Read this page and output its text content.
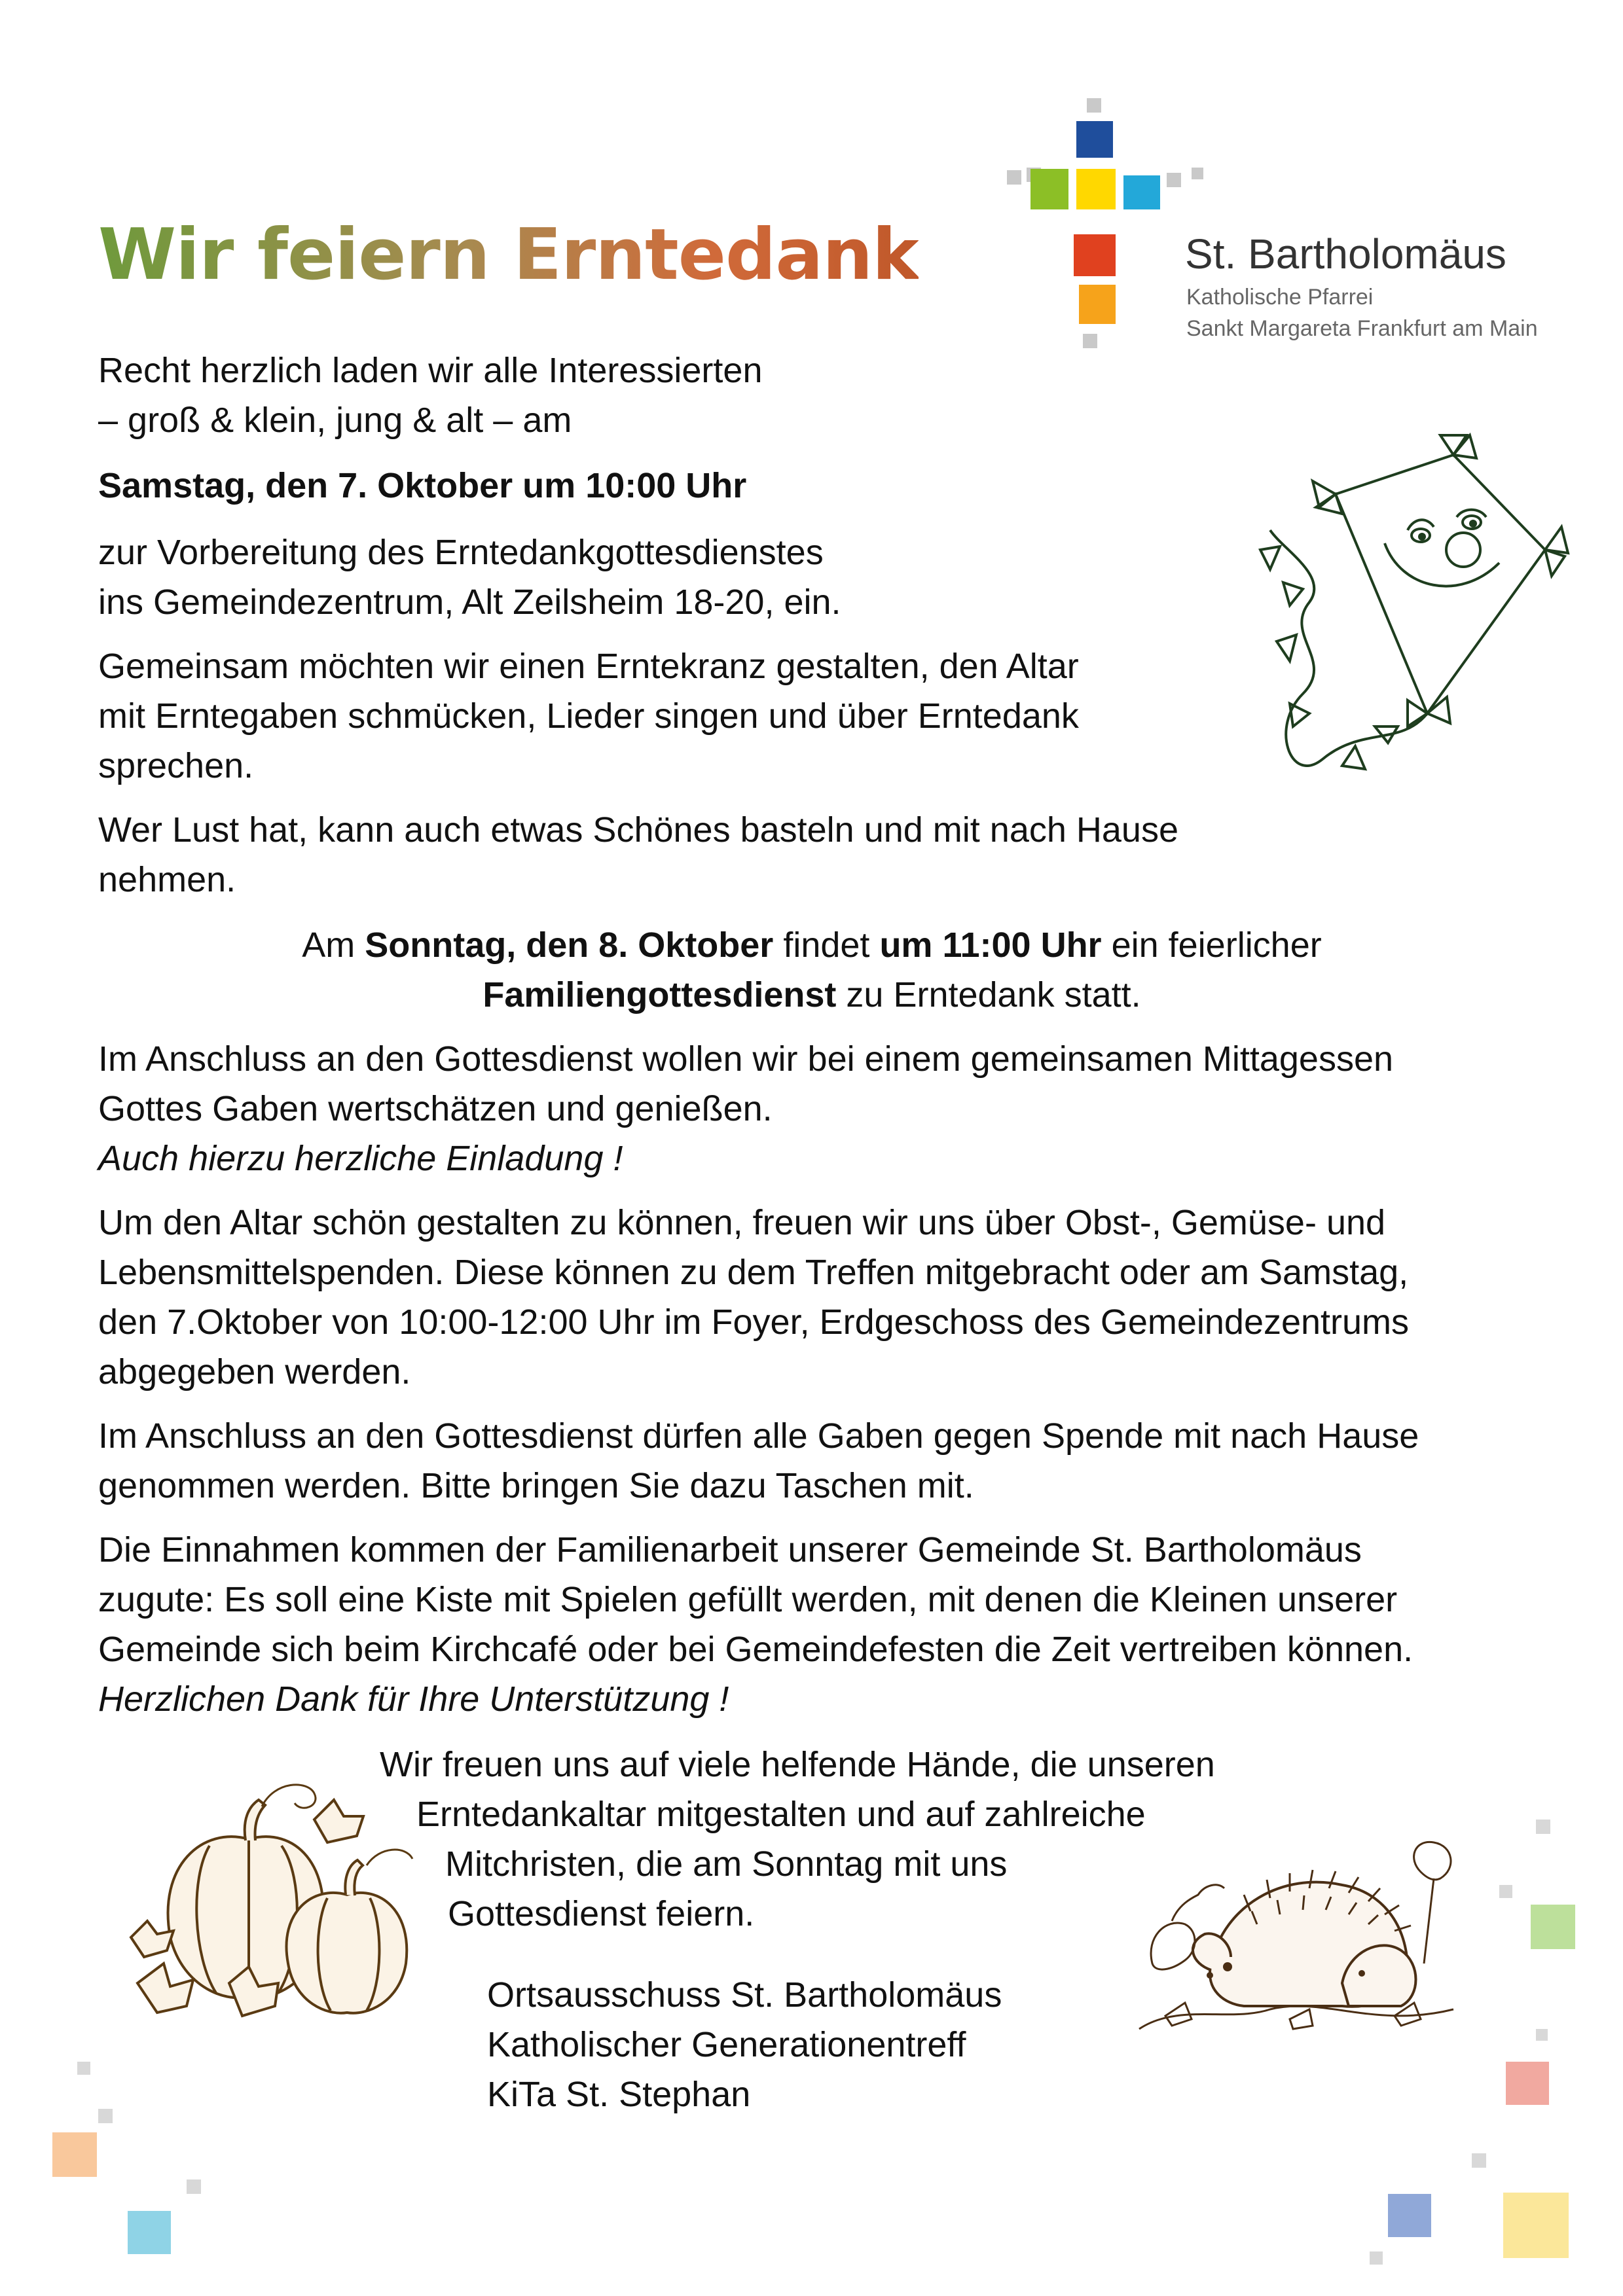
St. Bartholomäus
Katholische Pfarrei
Sankt Margareta Frankfurt am Main
Wir feiern Erntedank

Recht herzlich laden wir alle Interessierten

– groß & klein, jung & alt – am

Samstag, den 7. Oktober um 10:00 Uhr

zur Vorbereitung des Erntedankgottesdienstes

ins Gemeindezentrum, Alt Zeilsheim 18-20, ein.

Gemeinsam möchten wir einen Erntekranz gestalten, den Altar

mit Erntegaben schmücken, Lieder singen und über Erntedank

sprechen.

Wer Lust hat, kann auch etwas Schönes basteln und mit nach Hause

nehmen.

Am Sonntag, den 8. Oktober findet um 11:00 Uhr ein feierlicher

Familiengottesdienst zu Erntedank statt.

Im Anschluss an den Gottesdienst wollen wir bei einem gemeinsamen Mittagessen

Gottes Gaben wertschätzen und genießen.

Auch hierzu herzliche Einladung !

Um den Altar schön gestalten zu können, freuen wir uns über Obst-, Gemüse- und

Lebensmittelspenden. Diese können zu dem Treffen mitgebracht oder am Samstag,

den 7.Oktober von 10:00-12:00 Uhr im Foyer, Erdgeschoss des Gemeindezentrums

abgegeben werden.

Im Anschluss an den Gottesdienst dürfen alle Gaben gegen Spende mit nach Hause

genommen werden. Bitte bringen Sie dazu Taschen mit.

Die Einnahmen kommen der Familienarbeit unserer Gemeinde St. Bartholomäus

zugute: Es soll eine Kiste mit Spielen gefüllt werden, mit denen die Kleinen unserer

Gemeinde sich beim Kirchcafé oder bei Gemeindefesten die Zeit vertreiben können.

Herzlichen Dank für Ihre Unterstützung !

Wir freuen uns auf viele helfende Hände, die unseren

Erntedankaltar mitgestalten und auf zahlreiche

Mitchristen, die am Sonntag mit uns

Gottesdienst feiern.

Ortsausschuss St. Bartholomäus

Katholischer Generationentreff

KiTa St. Stephan
